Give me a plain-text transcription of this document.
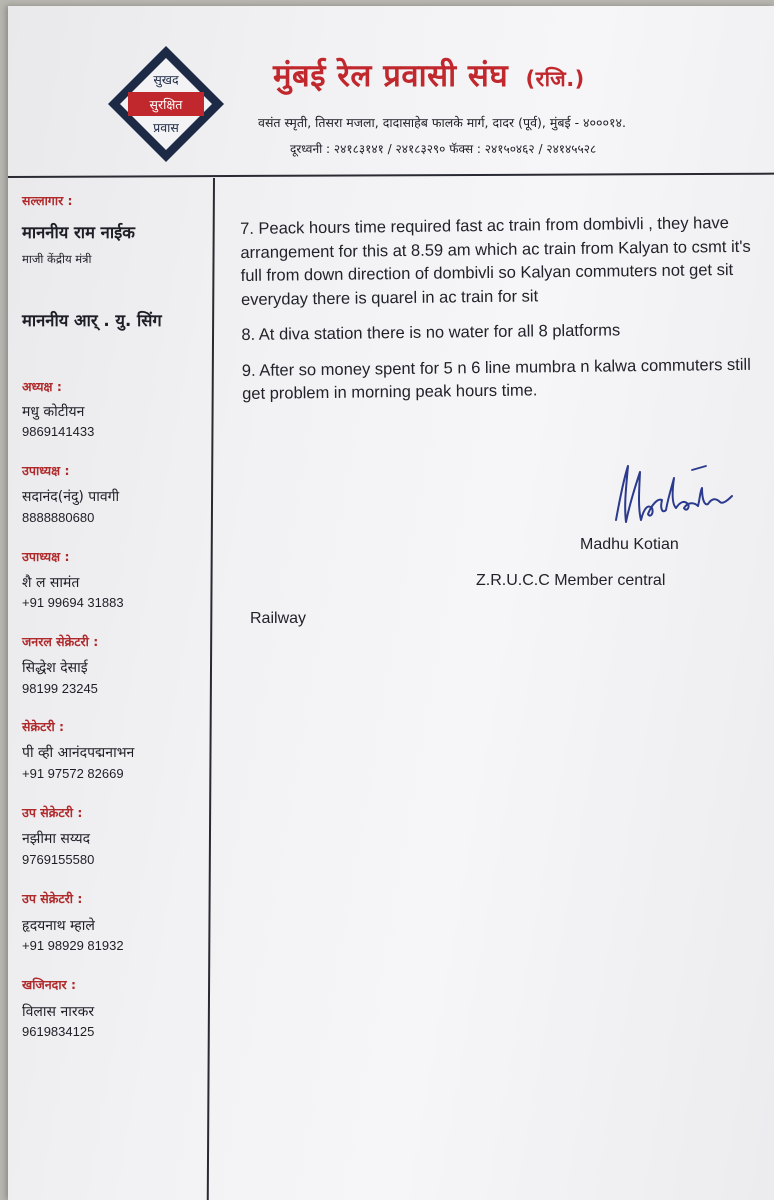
सुखद
सुरक्षित
प्रवास
मुंबई रेल प्रवासी संघ (रजि.)
वसंत स्मृती, तिसरा मजला, दादासाहेब फालके मार्ग, दादर (पूर्व), मुंबई - ४०००१४.
दूरध्वनी : २४१८३१४१ / २४१८३२९० फॅक्स : २४१५०४६२ / २४१४५५२८
सल्लागार :
माननीय राम नाईक
माजी केंद्रीय मंत्री
माननीय आर् . यु. सिंग
अध्यक्ष :
मधु कोटीयन
9869141433
उपाध्यक्ष :
सदानंद(नंदु) पावगी
8888880680
उपाध्यक्ष :
शै ल सामंत
+91 99694 31883
जनरल सेक्रेटरी :
सिद्धेश देसाई
98199 23245
सेक्रेटरी :
पी व्ही आनंदपद्मनाभन
+91 97572 82669
उप सेक्रेटरी :
नझीमा सय्यद
9769155580
उप सेक्रेटरी :
हृदयनाथ म्हाले
+91 98929 81932
खजिनदार :
विलास नारकर
9619834125

7. Peack hours time required fast ac train from dombivli , they have arrangement for this at 8.59 am which ac train from Kalyan to csmt it's full from down direction of dombivli so Kalyan commuters not get sit everyday there is quarel in ac train for sit

8. At diva station there is no water for all 8 platforms

9. After so money spent for 5 n 6 line mumbra n kalwa commuters still get problem in morning peak hours time.

Madhu Kotian
Z.R.U.C.C Member central
Railway
